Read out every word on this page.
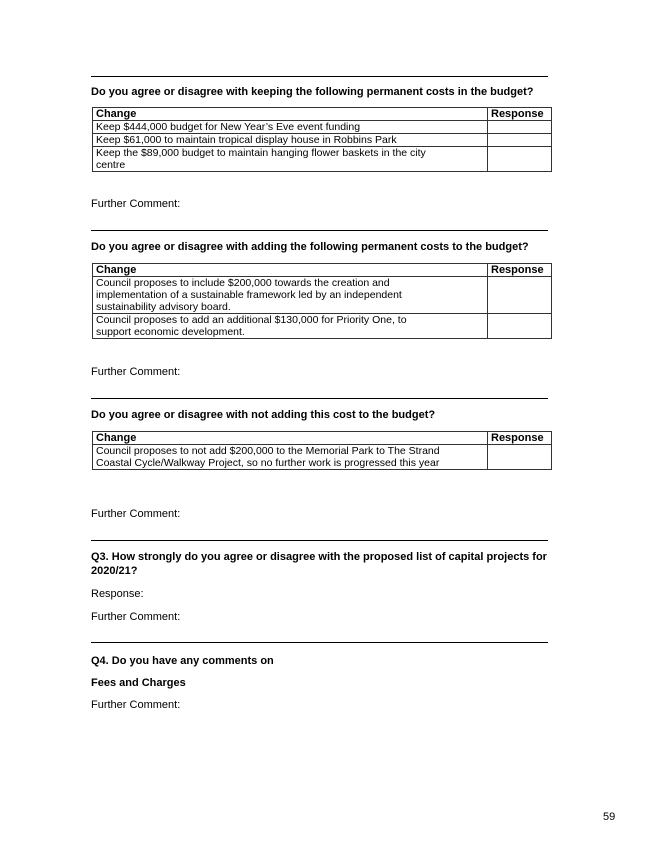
Do you agree or disagree with keeping the following permanent costs in the budget?
Change	Response
Keep $444,000 budget for New Year’s Eve event funding	
Keep $61,000 to maintain tropical display house in Robbins Park	
Keep the $89,000 budget to maintain hanging flower baskets in the city centre	
Further Comment:
Do you agree or disagree with adding the following permanent costs to the budget?
Change	Response
Council proposes to include $200,000 towards the creation and implementation of a sustainable framework led by an independent sustainability advisory board.	
Council proposes to add an additional $130,000 for Priority One, to support economic development.	
Further Comment:
Do you agree or disagree with not adding this cost to the budget?
Change	Response
Council proposes to not add $200,000 to the Memorial Park to The Strand Coastal Cycle/Walkway Project, so no further work is progressed this year	
Further Comment:
Q3. How strongly do you agree or disagree with the proposed list of capital projects for 2020/21?
Response:
Further Comment:
Q4. Do you have any comments on
Fees and Charges
Further Comment:
59
